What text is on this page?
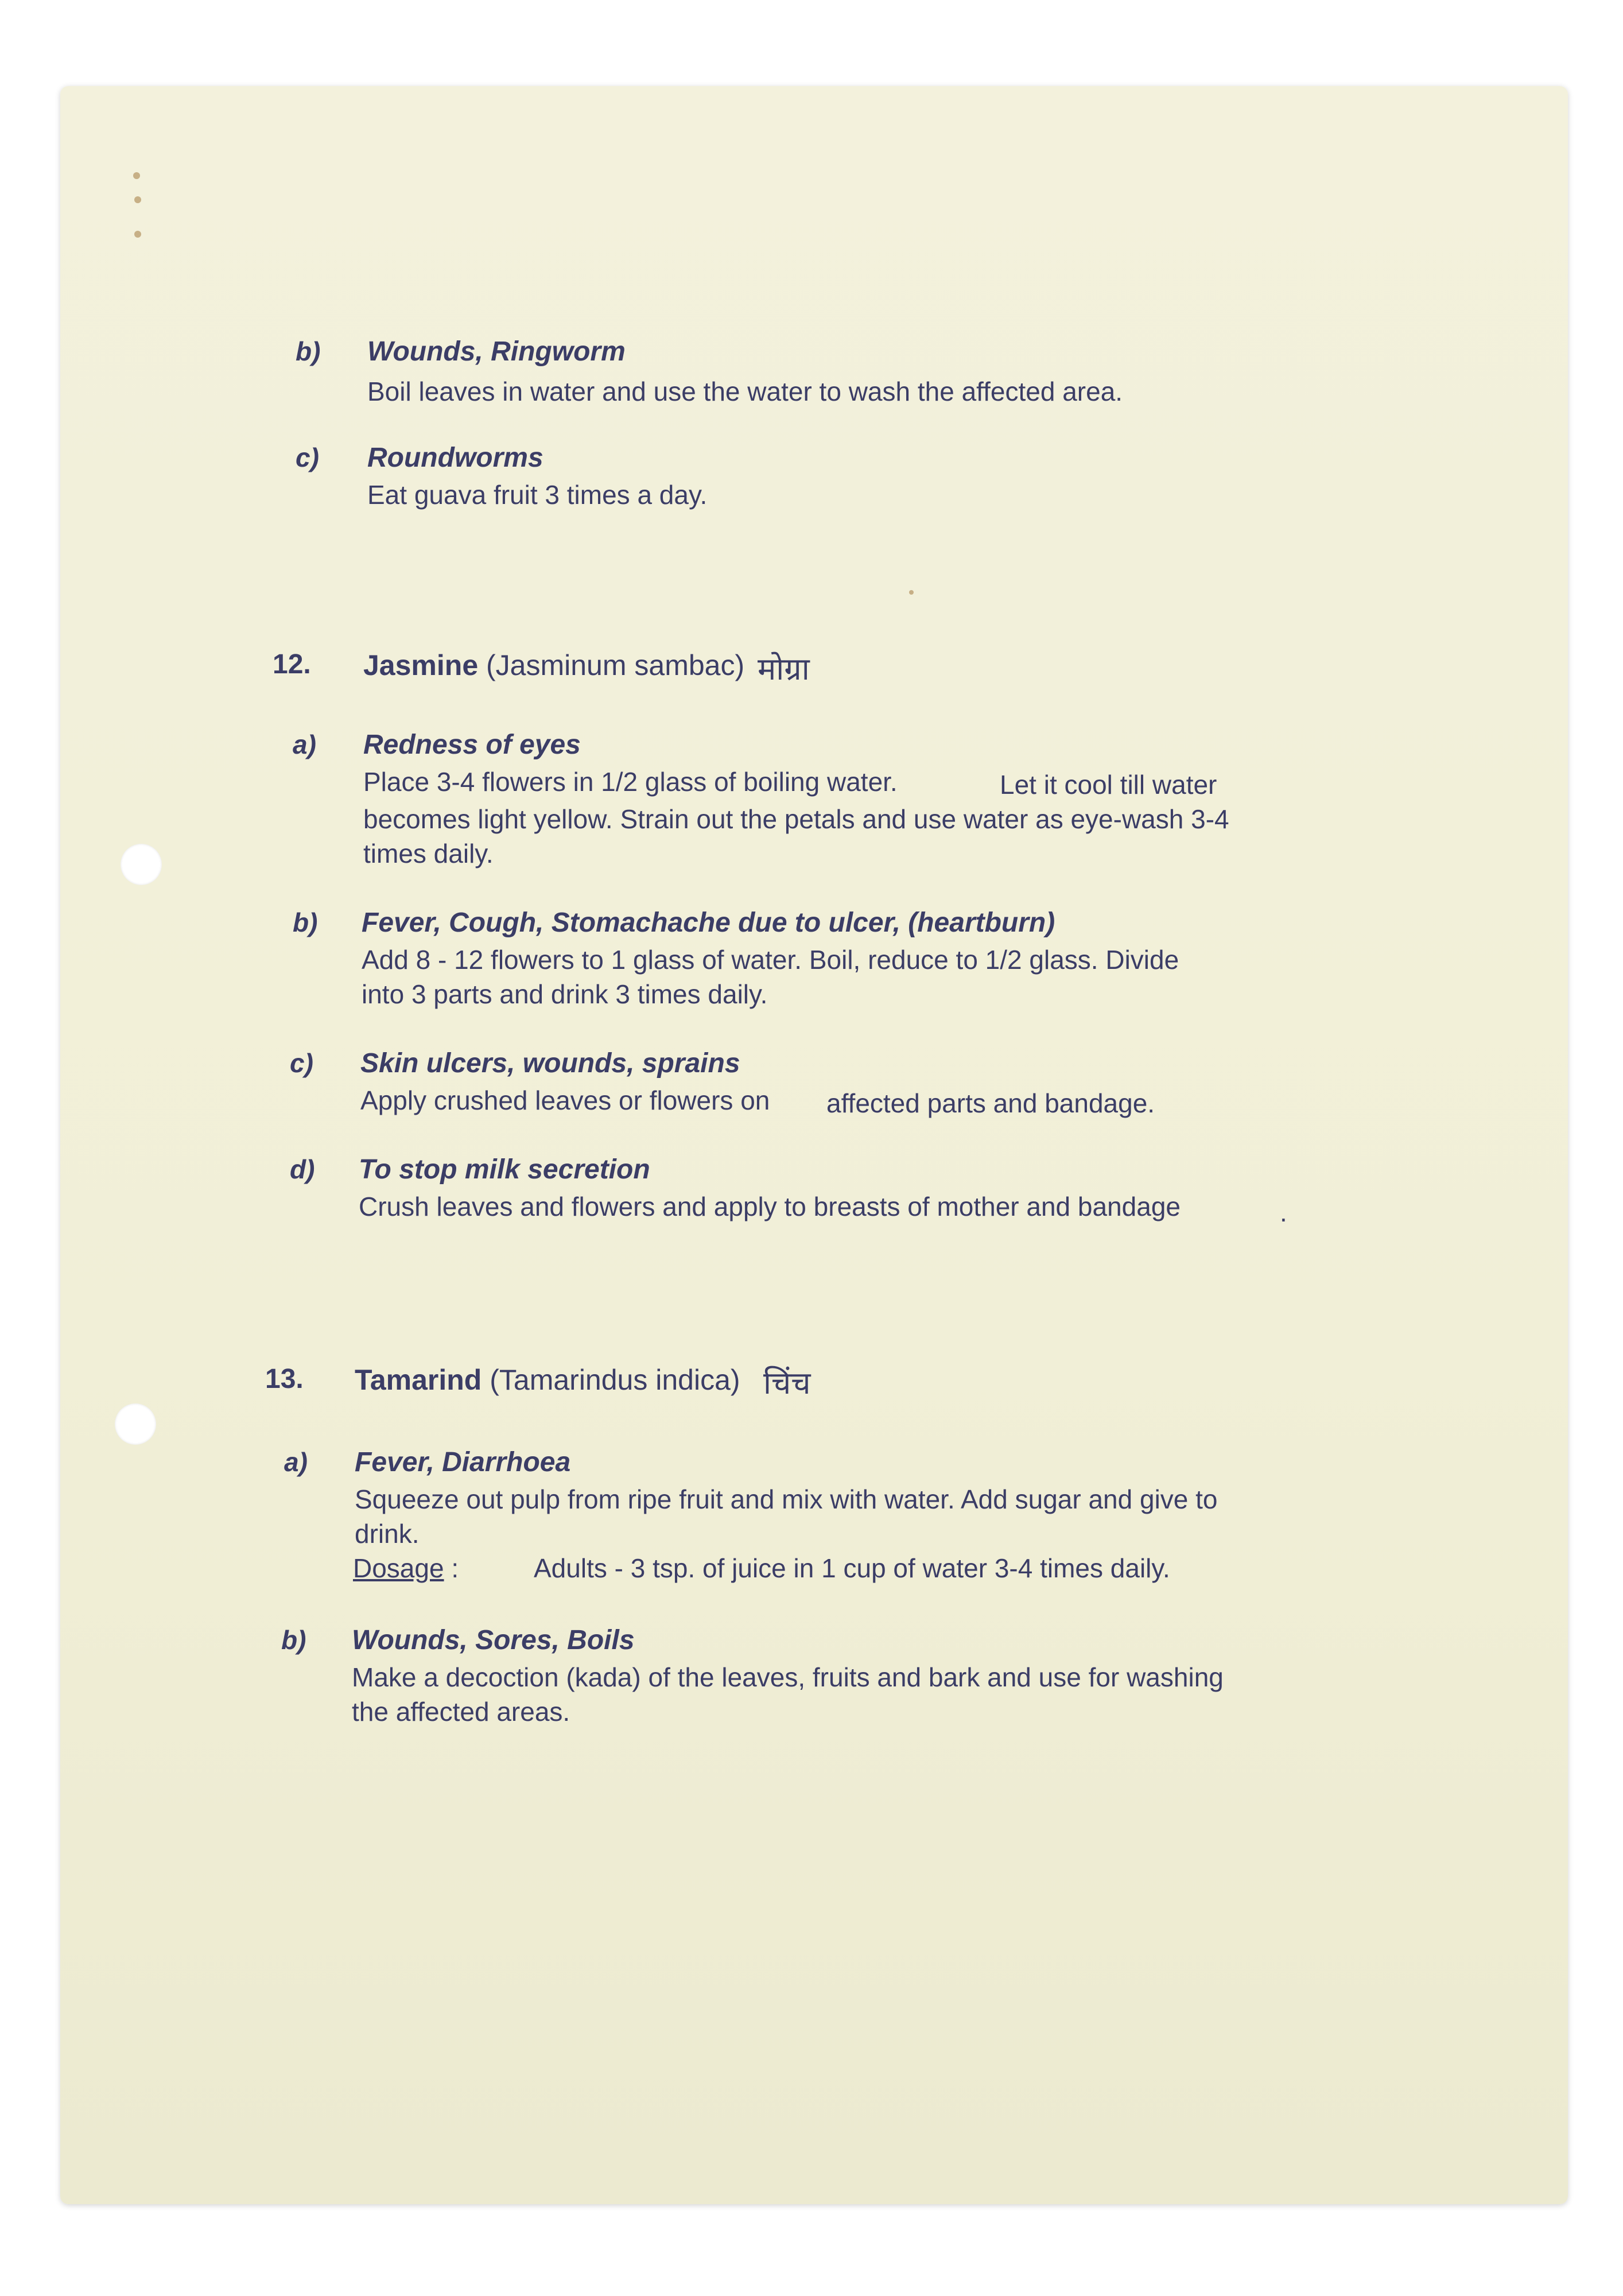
b) Wounds, Ringworm
Boil leaves in water and use the water to wash the affected area.
c) Roundworms
Eat guava fruit 3 times a day.
12. Jasmine (Jasminum sambac) मोग्रा
a) Redness of eyes
Place 3-4 flowers in 1/2 glass of boiling water.	Let it cool till water
becomes light yellow. Strain out the petals and use water as eye-wash 3-4
times daily.
b) Fever, Cough, Stomachache due to ulcer, (heartburn)
Add 8 - 12 flowers to 1 glass of water. Boil, reduce to 1/2 glass. Divide
into 3 parts and drink 3 times daily.
c) Skin ulcers, wounds, sprains
Apply crushed leaves or flowers on affected parts and bandage.
d) To stop milk secretion
Crush leaves and flowers and apply to breasts of mother and bandage	.
13. Tamarind (Tamarindus indica) चिंच
a) Fever, Diarrhoea
Squeeze out pulp from ripe fruit and mix with water. Add sugar and give to
drink.
Dosage :	Adults - 3 tsp. of juice in 1 cup of water 3-4 times daily.
b) Wounds, Sores, Boils
Make a decoction (kada) of the leaves, fruits and bark and use for washing
the affected areas.
